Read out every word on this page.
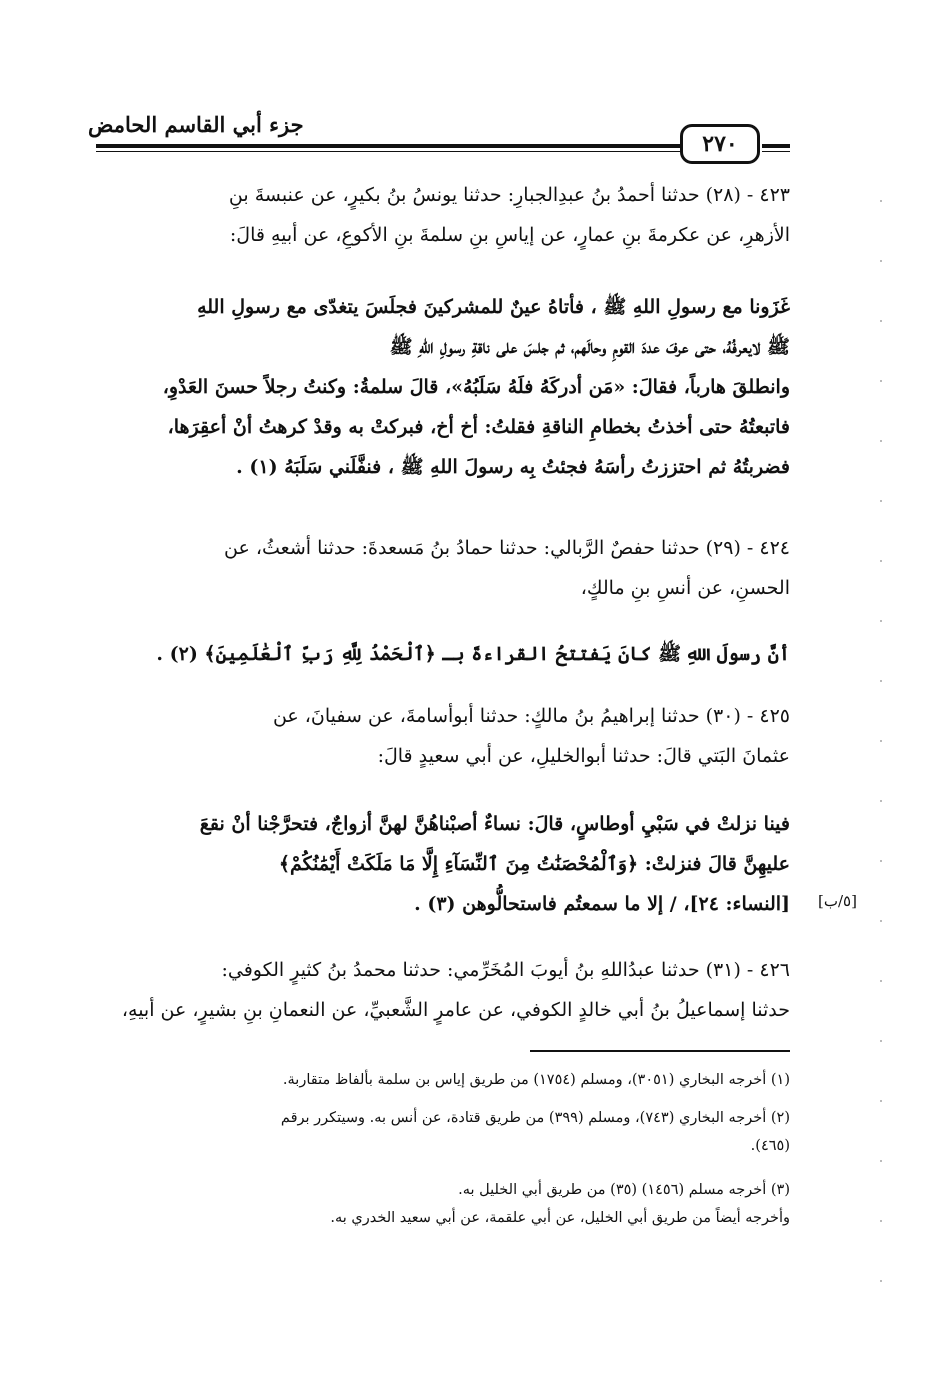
جزء أبي القاسم الحامض
٢٧٠
٤٢٣ - (٢٨) حدثنا أحمدُ بنُ عبدِالجبارِ: حدثنا يونسُ بنُ بكيرٍ، عن عنبسةَ بنِ
الأزهرِ، عن عكرمةَ بنِ عمارٍ، عن إياسِ بنِ سلمةَ بنِ الأكوعِ، عن أبيهِ قالَ:
غَزَونا مع رسولِ اللهِ ﷺ ، فأتاهُ عينٌ للمشركينَ فجلَسَ يتغدّى مع رسولِ اللهِ
ﷺ لايعرفُهُ، حتى عرفَ عددَ القومِ وحالَهم، ثم جلسَ على ناقةِ رسولِ اللهِ ﷺ
وانطلقَ هارباً، فقالَ: «مَن أدركَهُ فلَهُ سَلَبُهُ»، قالَ سلمةُ: وكنتُ رجلاً حسنَ العَدْوِ،
فاتبعتُهُ حتى أخذتُ بخطامِ الناقةِ فقلتُ: أخ أخ، فبركتْ به وقدْ كرهتُ أنْ أعقِرَها،
فضربتُهُ ثم احتززتُ رأسَهُ فجئتُ بِه رسولَ اللهِ ﷺ ، فنفَّلَني سَلَبَهُ (١) .
٤٢٤ - (٢٩) حدثنا حفصٌ الرَّبالي: حدثنا حمادُ بنُ مَسعدةَ: حدثنا أشعثُ، عن
الحسنِ، عن أنسِ بنِ مالكٍ،
أنَّ رسولَ اللهِ ﷺ كانَ يَفتتحُ القراءةَ بـ ﴿ٱلْحَمْدُ لِلَّهِ رَبِّ ٱلْعَٰلَمِينَ﴾ (٢) .
٤٢٥ - (٣٠) حدثنا إبراهيمُ بنُ مالكٍ: حدثنا أبوأسامةَ، عن سفيانَ، عن
عثمانَ البَتي قالَ: حدثنا أبوالخليلِ، عن أبي سعيدٍ قالَ:
فينا نزلتْ في سَبْيِ أوطاسٍ، قالَ: نساءٌ أصبْناهُنَّ لهنَّ أزواجٌ، فتحرَّجْنا أنْ نقعَ
عليهِنَّ قالَ فنزلتْ: ﴿وَٱلْمُحْصَنَٰتُ مِنَ ٱلنِّسَآءِ إِلَّا مَا مَلَكَتْ أَيْمَٰنُكُمْ﴾
[النساء: ٢٤]، / إلا ما سمعتُم فاستحالُّوهن (٣) .
٤٢٦ - (٣١) حدثنا عبدُاللهِ بنُ أيوبَ المُخَرِّمي: حدثنا محمدُ بنُ كثيرٍ الكوفي:
حدثنا إسماعيلُ بنُ أبي خالدٍ الكوفي، عن عامرٍ الشَّعبيِّ، عن النعمانِ بنِ بشيرٍ، عن أبيهِ،
[٥/ب]
(١) أخرجه البخاري (٣٠٥١)، ومسلم (١٧٥٤) من طريق إياس بن سلمة بألفاظ متقاربة.
(٢) أخرجه البخاري (٧٤٣)، ومسلم (٣٩٩) من طريق قتادة، عن أنس به. وسيتكرر برقم
(٤٦٥).
(٣) أخرجه مسلم (١٤٥٦) (٣٥) من طريق أبي الخليل به.
وأخرجه أيضاً من طريق أبي الخليل، عن أبي علقمة، عن أبي سعيد الخدري به.
